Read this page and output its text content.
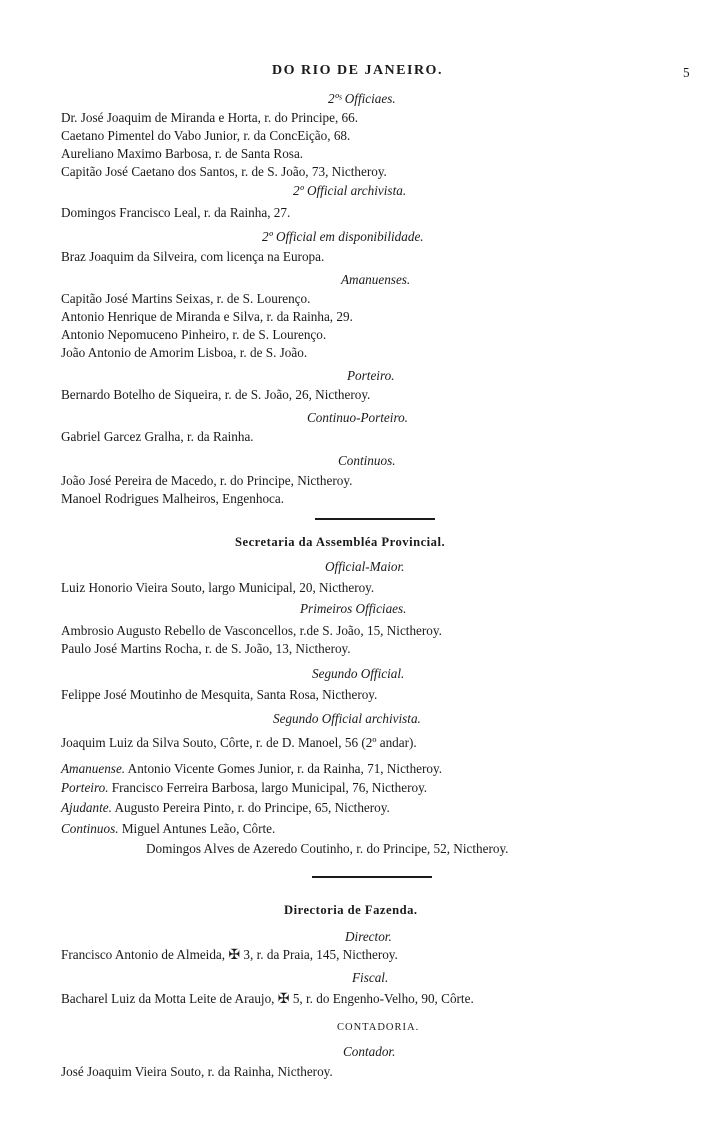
DO RIO DE JANEIRO.	5
2ºˢ Officiaes.
Dr. José Joaquim de Miranda e Horta, r. do Principe, 66.
Caetano Pimentel do Vabo Junior, r. da ConcEição, 68.
Aureliano Maximo Barbosa, r. de Santa Rosa.
Capitão José Caetano dos Santos, r. de S. João, 73, Nictheroy.
2º Official archivista.
Domingos Francisco Leal, r. da Rainha, 27.
2º Official em disponibilidade.
Braz Joaquim da Silveira, com licença na Europa.
Amanuenses.
Capitão José Martins Seixas, r. de S. Lourenço.
Antonio Henrique de Miranda e Silva, r. da Rainha, 29.
Antonio Nepomuceno Pinheiro, r. de S. Lourenço.
João Antonio de Amorim Lisboa, r. de S. João.
Porteiro.
Bernardo Botelho de Siqueira, r. de S. João, 26, Nictheroy.
Continuo-Porteiro.
Gabriel Garcez Gralha, r. da Rainha.
Continuos.
João José Pereira de Macedo, r. do Principe, Nictheroy.
Manoel Rodrigues Malheiros, Engenhoca.
Secretaria da Assembléa Provincial.
Official-Maior.
Luiz Honorio Vieira Souto, largo Municipal, 20, Nictheroy.
Primeiros Officiaes.
Ambrosio Augusto Rebello de Vasconcellos, r.de S. João, 15, Nictheroy.
Paulo José Martins Rocha, r. de S. João, 13, Nictheroy.
Segundo Official.
Felippe José Moutinho de Mesquita, Santa Rosa, Nictheroy.
Segundo Official archivista.
Joaquim Luiz da Silva Souto, Côrte, r. de D. Manoel, 56 (2º andar).
Amanuense. Antonio Vicente Gomes Junior, r. da Rainha, 71, Nictheroy.
Porteiro. Francisco Ferreira Barbosa, largo Municipal, 76, Nictheroy.
Ajudante. Augusto Pereira Pinto, r. do Principe, 65, Nictheroy.
Continuos. Miguel Antunes Leão, Côrte.
Domingos Alves de Azeredo Coutinho, r. do Principe, 52, Nictheroy.
Directoria de Fazenda.
Director.
Francisco Antonio de Almeida, ✠ 3, r. da Praia, 145, Nictheroy.
Fiscal.
Bacharel Luiz da Motta Leite de Araujo, ✠ 5, r. do Engenho-Velho, 90, Côrte.
CONTADORIA.
Contador.
José Joaquim Vieira Souto, r. da Rainha, Nictheroy.
